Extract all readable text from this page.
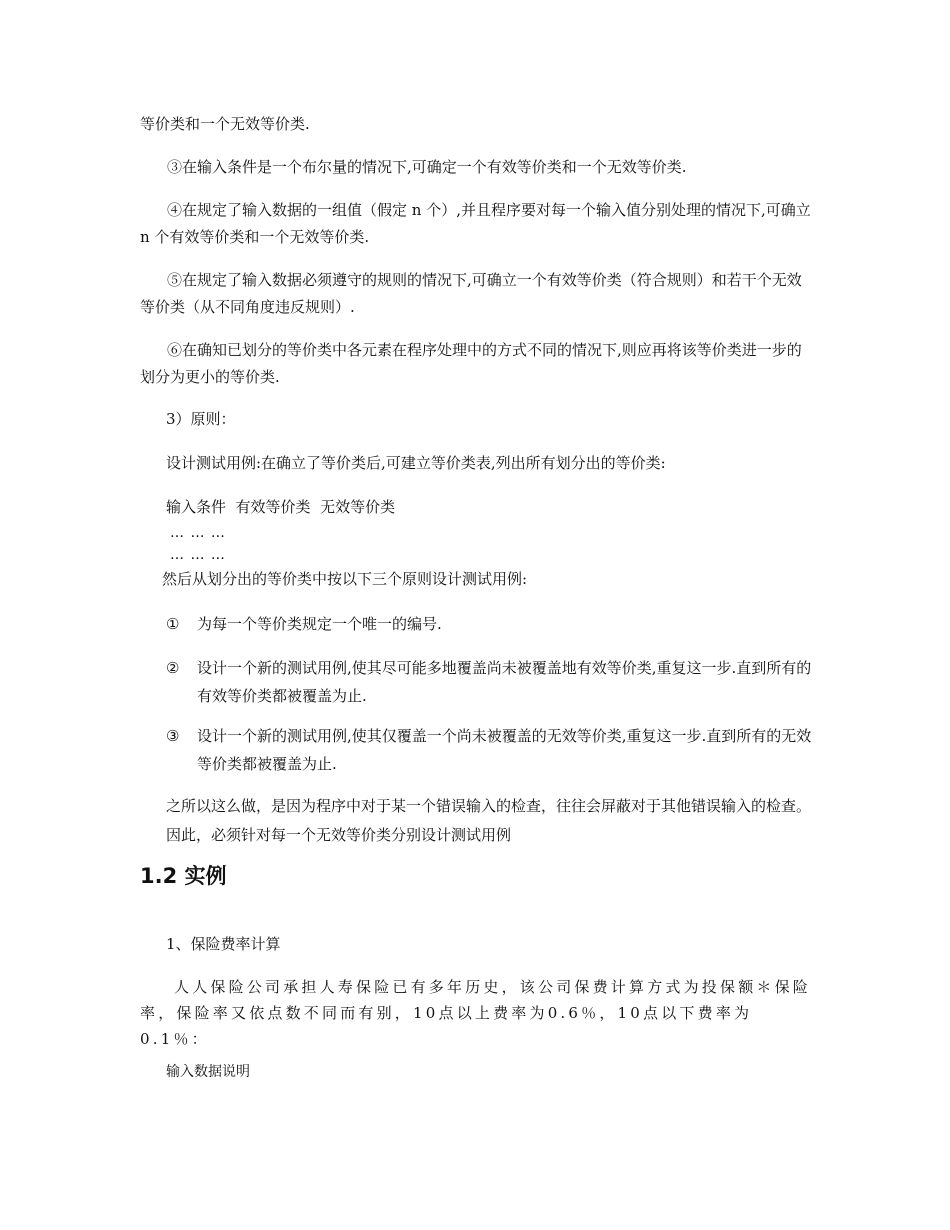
等价类和一个无效等价类.

③在输入条件是一个布尔量的情况下,可确定一个有效等价类和一个无效等价类.

④在规定了输入数据的一组值（假定 n 个）,并且程序要对每一个输入值分别处理的情况下,可确立 n 个有效等价类和一个无效等价类.

⑤在规定了输入数据必须遵守的规则的情况下,可确立一个有效等价类（符合规则）和若干个无效等价类（从不同角度违反规则）.

⑥在确知已划分的等价类中各元素在程序处理中的方式不同的情况下,则应再将该等价类进一步的划分为更小的等价类.

3）原则：
设计测试用例:在确立了等价类后,可建立等价类表,列出所有划分出的等价类:
输入条件  有效等价类  无效等价类
… … …
… … …
然后从划分出的等价类中按以下三个原则设计测试用例:
①	为每一个等价类规定一个唯一的编号.
②	设计一个新的测试用例,使其尽可能多地覆盖尚未被覆盖地有效等价类,重复这一步.直到所有的有效等价类都被覆盖为止.
③	设计一个新的测试用例,使其仅覆盖一个尚未被覆盖的无效等价类,重复这一步.直到所有的无效等价类都被覆盖为止.

之所以这么做，是因为程序中对于某一个错误输入的检查，往往会屏蔽对于其他错误输入的检查。因此，必须针对每一个无效等价类分别设计测试用例

1.2 实例
1、保险费率计算

人人保险公司承担人寿保险已有多年历史，该公司保费计算方式为投保额＊保险率，保险率又依点数不同而有别，10点以上费率为0.6％，10点以下费率为0.1％：

输入数据说明
